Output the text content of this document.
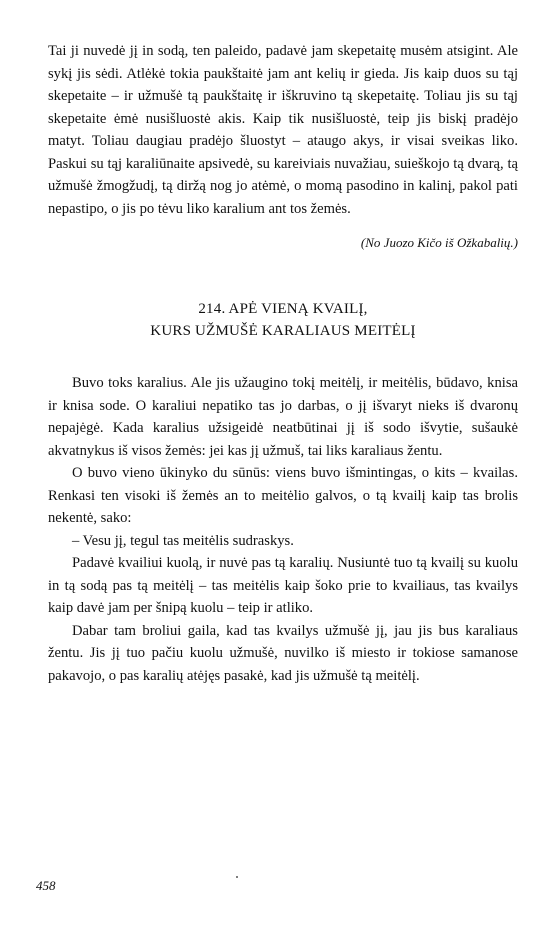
Tai ji nuvedė jį in sodą, ten paleido, padavė jam skepetaitę musėm atsigint. Ale sykį jis sėdi. Atlėkė tokia paukštaitė jam ant kelių ir gieda. Jis kaip duos su tąj skepetaite – ir užmušė tą paukštaitę ir iškruvino tą skepetaitę. Toliau jis su tąj skepetaite ėmė nusišluostė akis. Kaip tik nusišluostė, teip jis biskį pradėjo matyt. Toliau daugiau pradėjo šluostyt – ataugo akys, ir visai sveikas liko. Paskui su tąj karaliūnaite apsivedė, su kareiviais nuvažiau, suieškojo tą dvarą, tą užmušė žmogžudį, tą diržą nog jo atėmė, o momą pasodino in kalinį, pakol pati nepastipo, o jis po tėvu liko karalium ant tos žemės.

(No Juozo Kičo iš Ožkabalių.)

214. APĖ VIENĄ KVAILĮ,
KURS UŽMUŠĖ KARALIAUS MEITĖLĮ

Buvo toks karalius. Ale jis užaugino tokį meitėlį, ir meitėlis, būdavo, knisa ir knisa sode. O karaliui nepatiko tas jo darbas, o jį išvaryt nieks iš dvaronų nepajėgė. Kada karalius užsigeidė neatbūtinai jį iš sodo išvytie, sušaukė akvatnykus iš visos žemės: jei kas jį užmuš, tai liks karaliaus žentu.

O buvo vieno ūkinyko du sūnūs: viens buvo išmintingas, o kits – kvailas. Renkasi ten visoki iš žemės an to meitėlio galvos, o tą kvailį kaip tas brolis nekentė, sako:

– Vesu jį, tegul tas meitėlis sudraskys.

Padavė kvailiui kuolą, ir nuvė pas tą karalių. Nusiuntė tuo tą kvailį su kuolu in tą sodą pas tą meitėlį – tas meitėlis kaip šoko prie to kvailiaus, tas kvailys kaip davė jam per šnipą kuolu – teip ir atliko.

Dabar tam broliui gaila, kad tas kvailys užmušė jį, jau jis bus karaliaus žentu. Jis jį tuo pačiu kuolu užmušė, nuvilko iš miesto ir tokiose samanose pakavojo, o pas karalių atėjęs pasakė, kad jis užmušė tą meitėlį.

458
